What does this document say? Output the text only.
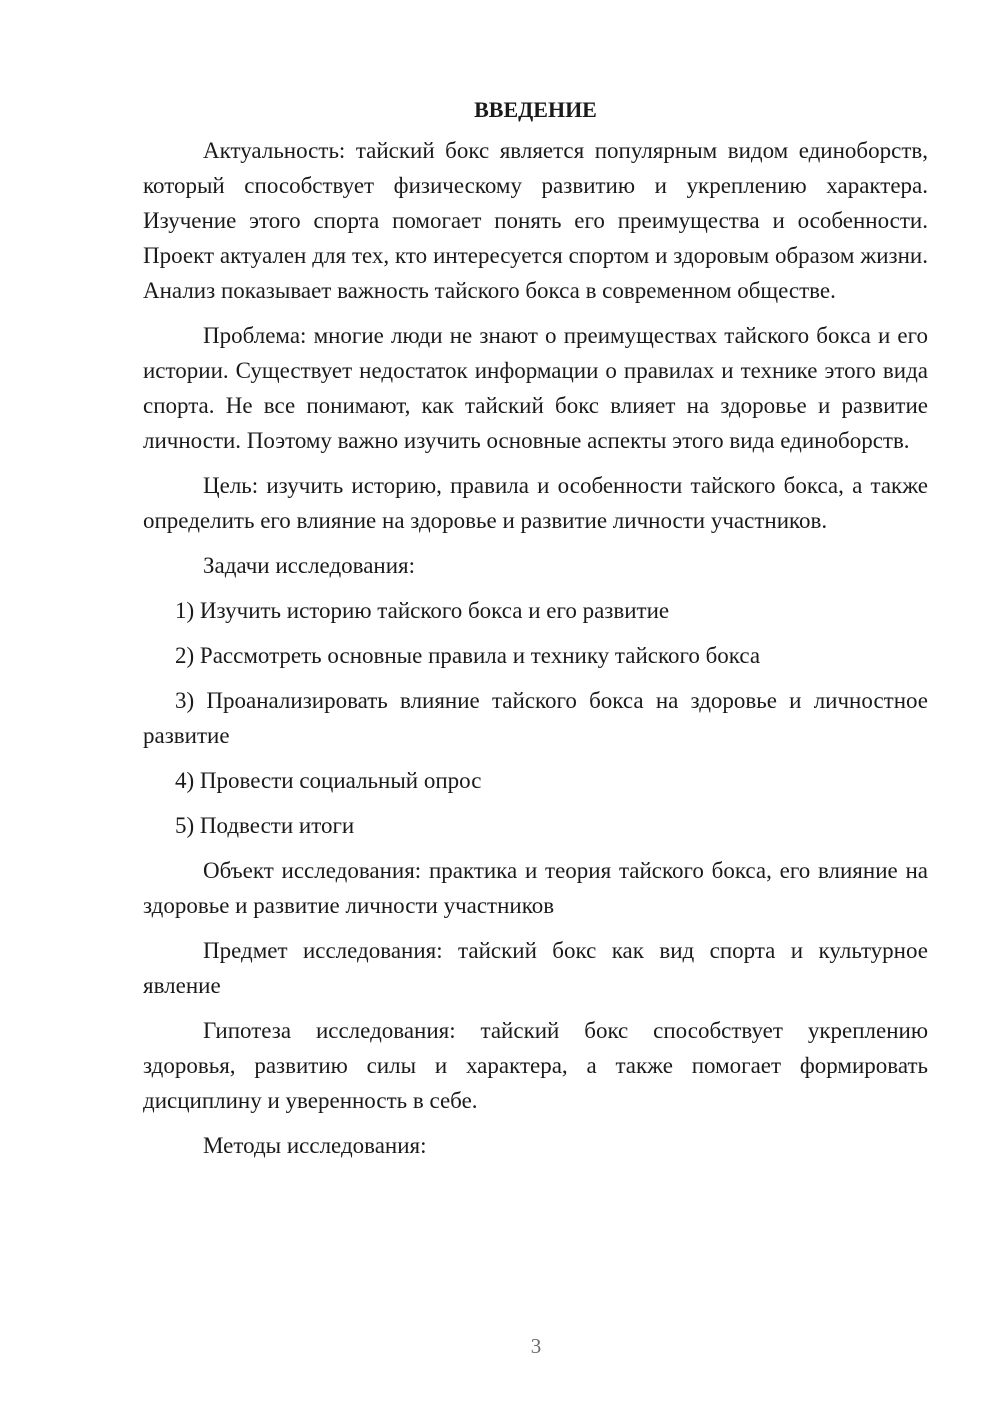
ВВЕДЕНИЕ

Актуальность: тайский бокс является популярным видом единоборств, который способствует физическому развитию и укреплению характера. Изучение этого спорта помогает понять его преимущества и особенности. Проект актуален для тех, кто интересуется спортом и здоровым образом жизни. Анализ показывает важность тайского бокса в современном обществе.

Проблема: многие люди не знают о преимуществах тайского бокса и его истории. Существует недостаток информации о правилах и технике этого вида спорта. Не все понимают, как тайский бокс влияет на здоровье и развитие личности. Поэтому важно изучить основные аспекты этого вида единоборств.

Цель: изучить историю, правила и особенности тайского бокса, а также определить его влияние на здоровье и развитие личности участников.

Задачи исследования:

1) Изучить историю тайского бокса и его развитие

2) Рассмотреть основные правила и технику тайского бокса

3) Проанализировать влияние тайского бокса на здоровье и личностное развитие

4) Провести социальный опрос

5) Подвести итоги

Объект исследования: практика и теория тайского бокса, его влияние на здоровье и развитие личности участников

Предмет исследования: тайский бокс как вид спорта и культурное явление

Гипотеза исследования: тайский бокс способствует укреплению здоровья, развитию силы и характера, а также помогает формировать дисциплину и уверенность в себе.

Методы исследования:

3
